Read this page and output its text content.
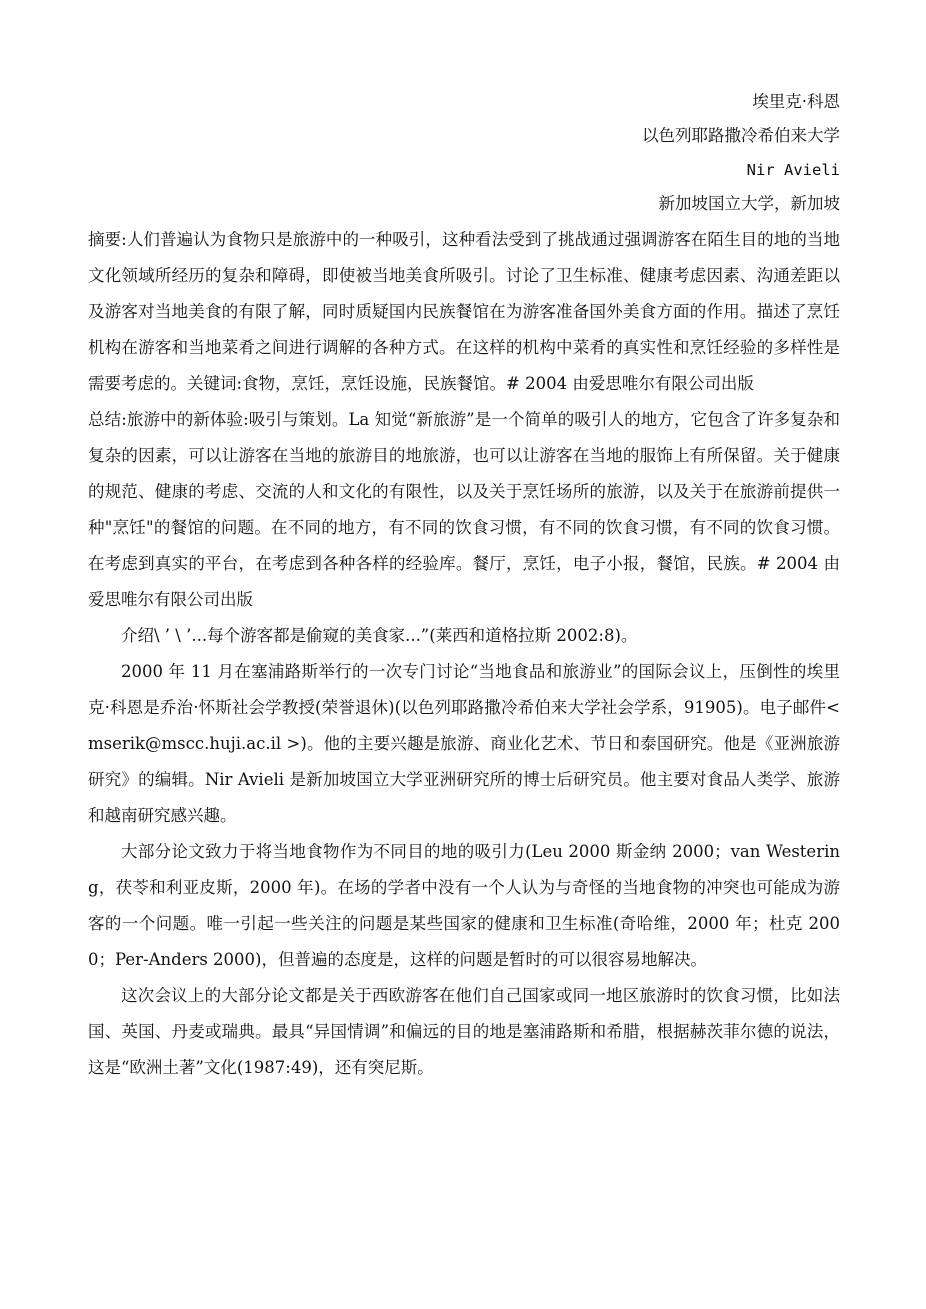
埃里克·科恩
以色列耶路撒冷希伯来大学
Nir Avieli
新加坡国立大学，新加坡

摘要:人们普遍认为食物只是旅游中的一种吸引，这种看法受到了挑战通过强调游客在陌生目的地的当地文化领域所经历的复杂和障碍，即使被当地美食所吸引。讨论了卫生标准、健康考虑因素、沟通差距以及游客对当地美食的有限了解，同时质疑国内民族餐馆在为游客准备国外美食方面的作用。描述了烹饪机构在游客和当地菜肴之间进行调解的各种方式。在这样的机构中菜肴的真实性和烹饪经验的多样性是需要考虑的。关键词:食物，烹饪，烹饪设施，民族餐馆。# 2004 由爱思唯尔有限公司出版

总结:旅游中的新体验:吸引与策划。La 知觉“新旅游”是一个简单的吸引人的地方，它包含了许多复杂和复杂的因素，可以让游客在当地的旅游目的地旅游，也可以让游客在当地的服饰上有所保留。关于健康的规范、健康的考虑、交流的人和文化的有限性，以及关于烹饪场所的旅游，以及关于在旅游前提供一种"烹饪"的餐馆的问题。在不同的地方，有不同的饮食习惯，有不同的饮食习惯，有不同的饮食习惯。在考虑到真实的平台，在考虑到各种各样的经验库。餐厅，烹饪，电子小报，餐馆，民族。# 2004 由爱思唯尔有限公司出版

介绍\ ’ \ ’...每个游客都是偷窥的美食家...”(莱西和道格拉斯 2002:8)。

2000 年 11 月在塞浦路斯举行的一次专门讨论“当地食品和旅游业”的国际会议上，压倒性的埃里克·科恩是乔治·怀斯社会学教授(荣誉退休)(以色列耶路撒冷希伯来大学社会学系，91905)。电子邮件< mserik@mscc.huji.ac.il >)。他的主要兴趣是旅游、商业化艺术、节日和泰国研究。他是《亚洲旅游研究》的编辑。Nir Avieli 是新加坡国立大学亚洲研究所的博士后研究员。他主要对食品人类学、旅游和越南研究感兴趣。

大部分论文致力于将当地食物作为不同目的地的吸引力(Leu 2000 斯金纳 2000；van Westering，茯苓和利亚皮斯，2000 年)。在场的学者中没有一个人认为与奇怪的当地食物的冲突也可能成为游客的一个问题。唯一引起一些关注的问题是某些国家的健康和卫生标准(奇哈维，2000 年；杜克 2000；Per-Anders 2000)，但普遍的态度是，这样的问题是暂时的可以很容易地解决。

这次会议上的大部分论文都是关于西欧游客在他们自己国家或同一地区旅游时的饮食习惯，比如法国、英国、丹麦或瑞典。最具“异国情调”和偏远的目的地是塞浦路斯和希腊，根据赫茨菲尔德的说法，这是“欧洲土著”文化(1987:49)，还有突尼斯。
